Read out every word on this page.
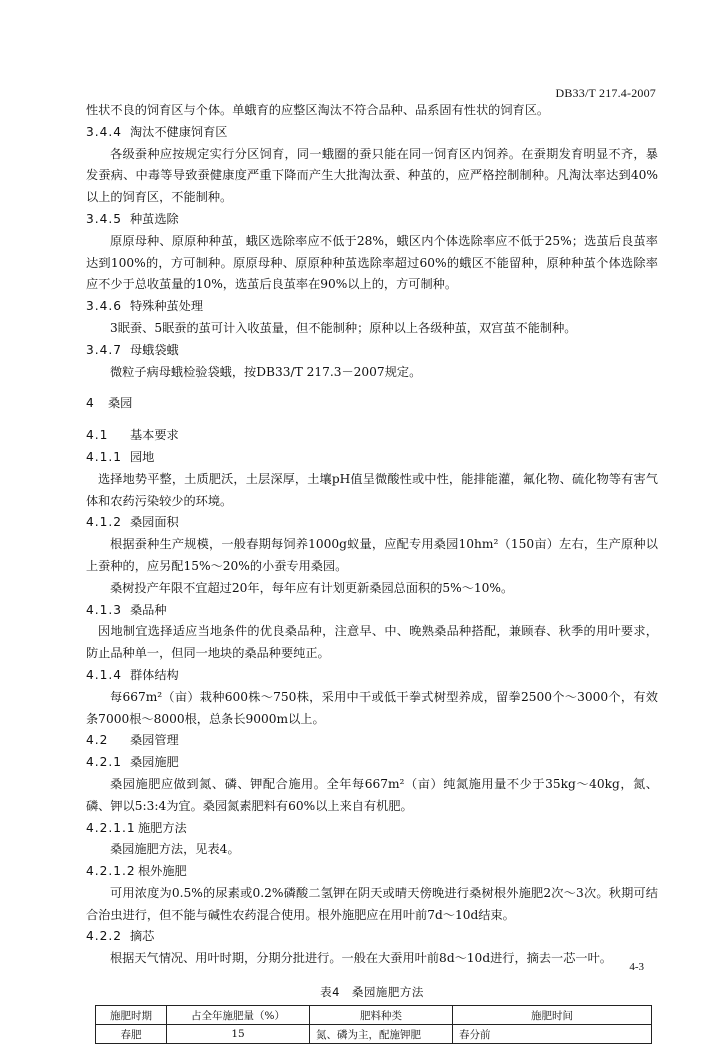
DB33/T 217.4-2007

性状不良的饲育区与个体。单蛾育的应整区淘汰不符合品种、品系固有性状的饲育区。

3.4.4 淘汰不健康饲育区

各级蚕种应按规定实行分区饲育，同一蛾圈的蚕只能在同一饲育区内饲养。在蚕期发育明显不齐，暴发蚕病、中毒等导致蚕健康度严重下降而产生大批淘汰蚕、种茧的，应严格控制制种。凡淘汰率达到40%以上的饲育区，不能制种。

3.4.5 种茧选除

原原母种、原原种种茧，蛾区选除率应不低于28%，蛾区内个体选除率应不低于25%；选茧后良茧率达到100%的，方可制种。原原母种、原原种种茧选除率超过60%的蛾区不能留种，原种种茧个体选除率应不少于总收茧量的10%，选茧后良茧率在90%以上的，方可制种。

3.4.6 特殊种茧处理

3眠蚕、5眠蚕的茧可计入收茧量，但不能制种；原种以上各级种茧，双宫茧不能制种。

3.4.7 母蛾袋蛾

微粒子病母蛾检验袋蛾，按DB33/T 217.3－2007规定。

4 桑园
4.1 基本要求
4.1.1 园地

选择地势平整，土质肥沃，土层深厚，土壤pH值呈微酸性或中性，能排能灌，氟化物、硫化物等有害气体和农药污染较少的环境。

4.1.2 桑园面积

根据蚕种生产规模，一般春期每饲养1000g蚁量，应配专用桑园10hm²（150亩）左右，生产原种以上蚕种的，应另配15%～20%的小蚕专用桑园。

桑树投产年限不宜超过20年，每年应有计划更新桑园总面积的5%～10%。

4.1.3 桑品种

因地制宜选择适应当地条件的优良桑品种，注意早、中、晚熟桑品种搭配，兼顾春、秋季的用叶要求，防止品种单一，但同一地块的桑品种要纯正。

4.1.4 群体结构

每667m²（亩）栽种600株～750株，采用中干或低干拳式树型养成，留拳2500个～3000个，有效条7000根～8000根，总条长9000m以上。

4.2 桑园管理
4.2.1 桑园施肥

桑园施肥应做到氮、磷、钾配合施用。全年每667m²（亩）纯氮施用量不少于35kg～40kg，氮、磷、钾以5:3:4为宜。桑园氮素肥料有60%以上来自有机肥。

4.2.1.1 施肥方法

桑园施肥方法，见表4。

4.2.1.2 根外施肥

可用浓度为0.5%的尿素或0.2%磷酸二氢钾在阴天或晴天傍晚进行桑树根外施肥2次～3次。秋期可结合治虫进行，但不能与碱性农药混合使用。根外施肥应在用叶前7d～10d结束。

4.2.2 摘芯

根据天气情况、用叶时期，分期分批进行。一般在大蚕用叶前8d～10d进行，摘去一芯一叶。

表4　桑园施肥方法
施肥时期	占全年施肥量（%）	肥料种类	施肥时间
春肥	15	氮、磷为主，配施钾肥	春分前
4-3
